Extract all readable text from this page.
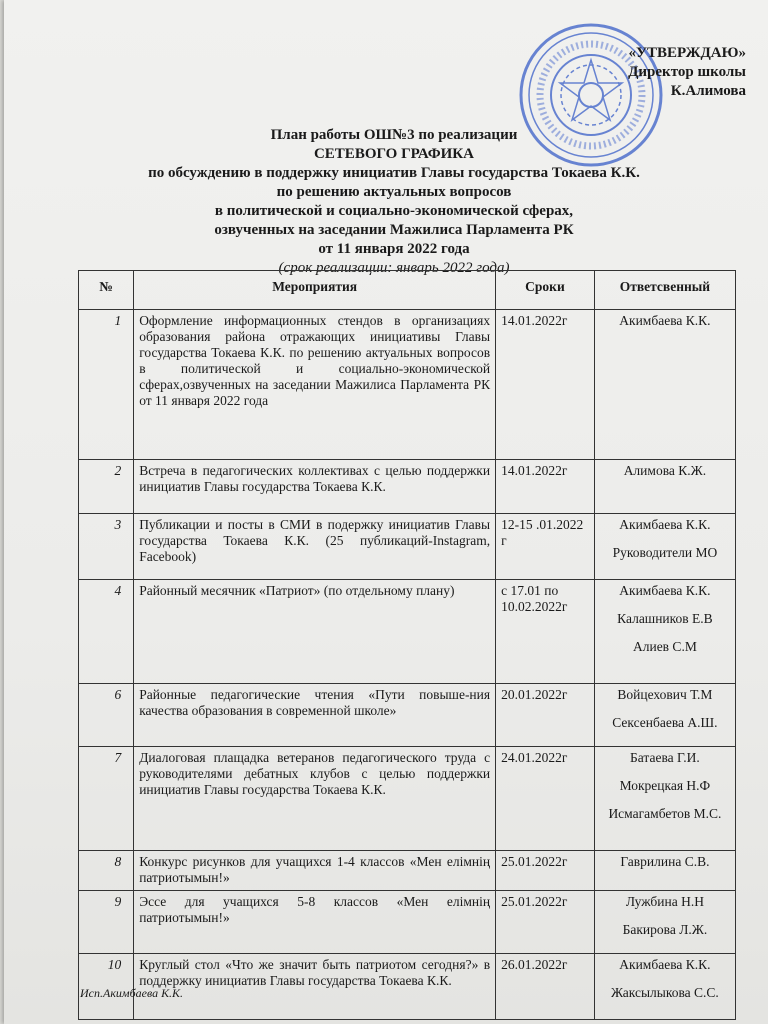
«УТВЕРЖДАЮ»
Директор школы
К.Алимова
План работы ОШ№3 по реализации
СЕТЕВОГО ГРАФИКА
по обсуждению в поддержку инициатив Главы государства Токаева К.К.
по решению актуальных вопросов
в политической и социально-экономической сферах,
озвученных на заседании Мажилиса Парламента РК
от 11 января 2022 года
(срок реализации: январь 2022 года)
№	Мероприятия	Сроки	Ответсвенный
1	Оформление информационных стендов в организациях образования района отражающих инициативы Главы государства Токаева К.К. по решению актуальных вопросов в политической и социально-экономической сферах,озвученных на заседании Мажилиса Парламента РК от 11 января 2022 года	14.01.2022г	Акимбаева К.К.

2	Встреча в педагогических коллективах с целью поддержки инициатив Главы государства Токаева К.К.	14.01.2022г	Алимова К.Ж.

3	Публикации и посты в СМИ в подержку инициатив Главы государства Токаева К.К. (25 публикаций-Instagram, Facebook)	12-15 .01.2022 г	Акимбаева К.К.
Руководители МО

4	Районный месячник «Патриот» (по отдельному плану)	с 17.01 по 10.02.2022г	Акимбаева К.К.
Калашников Е.В
Алиев С.М

6	Районные педагогические чтения «Пути повыше-ния качества образования в современной школе»	20.01.2022г	Войцехович Т.М
Сексенбаева А.Ш.

7	Диалоговая плащадка ветеранов педагогического труда с руководителями дебатных клубов с целью поддержки инициатив Главы государства Токаева К.К.	24.01.2022г	Батаева Г.И.
Мокрецкая Н.Ф
Исмагамбетов М.С.

8	Конкурс рисунков для учащихся 1-4 классов «Мен елімнің патриотымын!»	25.01.2022г	Гаврилина С.В.

9	Эссе для учащихся 5-8 классов «Мен елімнің патриотымын!»	25.01.2022г	Лужбина Н.Н
Бакирова Л.Ж.

10	Круглый стол «Что же значит быть патриотом сегодня?» в поддержку инициатив Главы государства Токаева К.К.	26.01.2022г	Акимбаева К.К.
Жаксылыкова С.С.
Исп.Акимбаева К.К.
